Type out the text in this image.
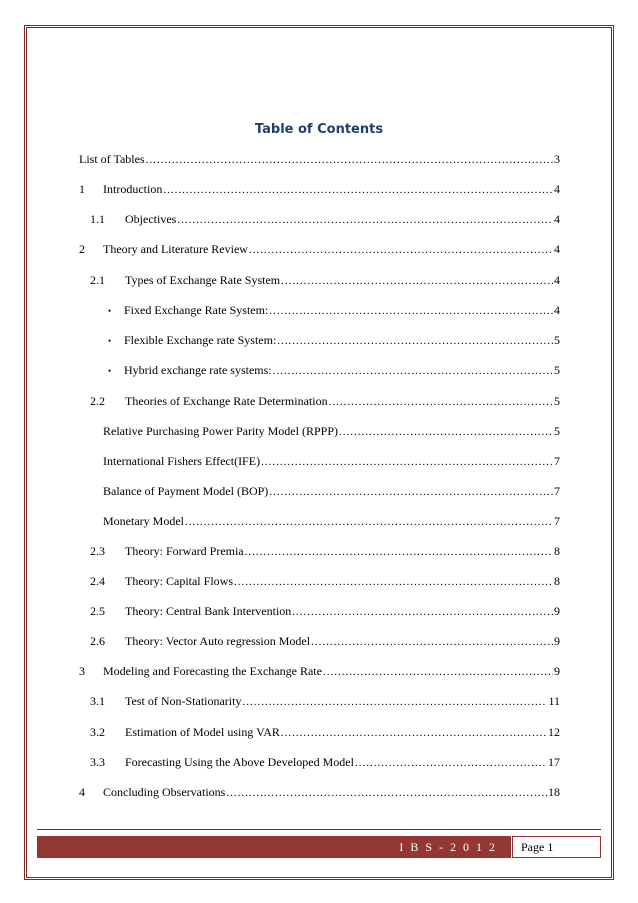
Table of Contents
List of Tables .....	3
1	Introduction .....	4
1.1	Objectives .....	4
2	Theory and Literature Review .....	4
2.1	Types of Exchange Rate System .....	4
•	Fixed Exchange Rate System: .....	4
•	Flexible Exchange rate System: .....	5
•	Hybrid exchange rate systems: .....	5
2.2	Theories of Exchange Rate Determination .....	5
Relative Purchasing Power Parity Model (RPPP) .....	5
International Fishers Effect(IFE) .....	7
Balance of Payment Model (BOP) .....	7
Monetary Model .....	7
2.3	Theory: Forward Premia .....	8
2.4	Theory: Capital Flows .....	8
2.5	Theory: Central Bank Intervention .....	9
2.6	Theory: Vector Auto regression Model .....	9
3	Modeling and Forecasting the Exchange Rate .....	9
3.1	Test of Non-Stationarity .....	11
3.2	Estimation of Model using VAR .....	12
3.3	Forecasting Using the Above Developed Model .....	17
4	Concluding Observations .....	18
I B S - 2 0 1 2	Page 1
